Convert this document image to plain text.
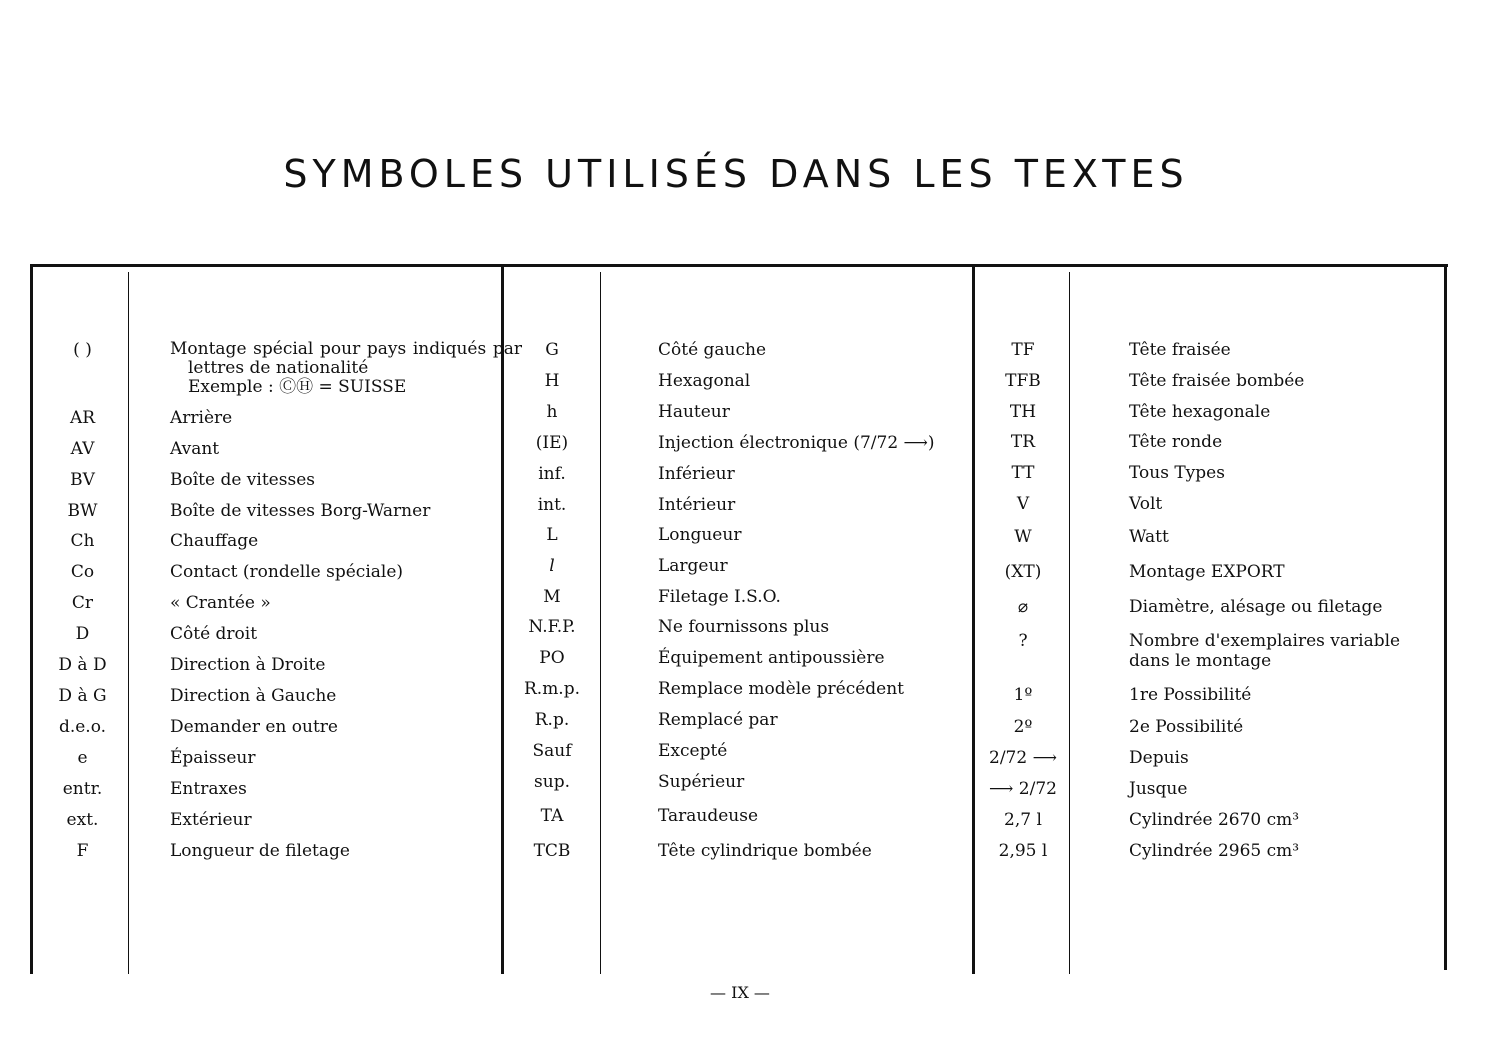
SYMBOLES UTILISÉS DANS LES TEXTES
( )	Montage spécial pour pays indiqués par
lettres de nationalité
Exemple : ⒸⒽ = SUISSE
AR	Arrière
AV	Avant
BV	Boîte de vitesses
BW	Boîte de vitesses Borg-Warner
Ch	Chauffage
Co	Contact (rondelle spéciale)
Cr	« Crantée »
D	Côté droit
D à D	Direction à Droite
D à G	Direction à Gauche
d.e.o.	Demander en outre
e	Épaisseur
entr.	Entraxes
ext.	Extérieur
F	Longueur de filetage
G	Côté gauche
H	Hexagonal
h	Hauteur
(IE)	Injection électronique (7/72 ⟶)
inf.	Inférieur
int.	Intérieur
L	Longueur
l	Largeur
M	Filetage I.S.O.
N.F.P.	Ne fournissons plus
PO	Équipement antipoussière
R.m.p.	Remplace modèle précédent
R.p.	Remplacé par
Sauf	Excepté
sup.	Supérieur
TA	Taraudeuse
TCB	Tête cylindrique bombée
TF	Tête fraisée
TFB	Tête fraisée bombée
TH	Tête hexagonale
TR	Tête ronde
TT	Tous Types
V	Volt
W	Watt
(XT)	Montage EXPORT
⌀	Diamètre, alésage ou filetage
?	Nombre d'exemplaires variable
dans le montage
1º	1re Possibilité
2º	2e Possibilité
2/72 ⟶	Depuis
⟶ 2/72	Jusque
2,7 l	Cylindrée 2670 cm³
2,95 l	Cylindrée 2965 cm³
— IX —
